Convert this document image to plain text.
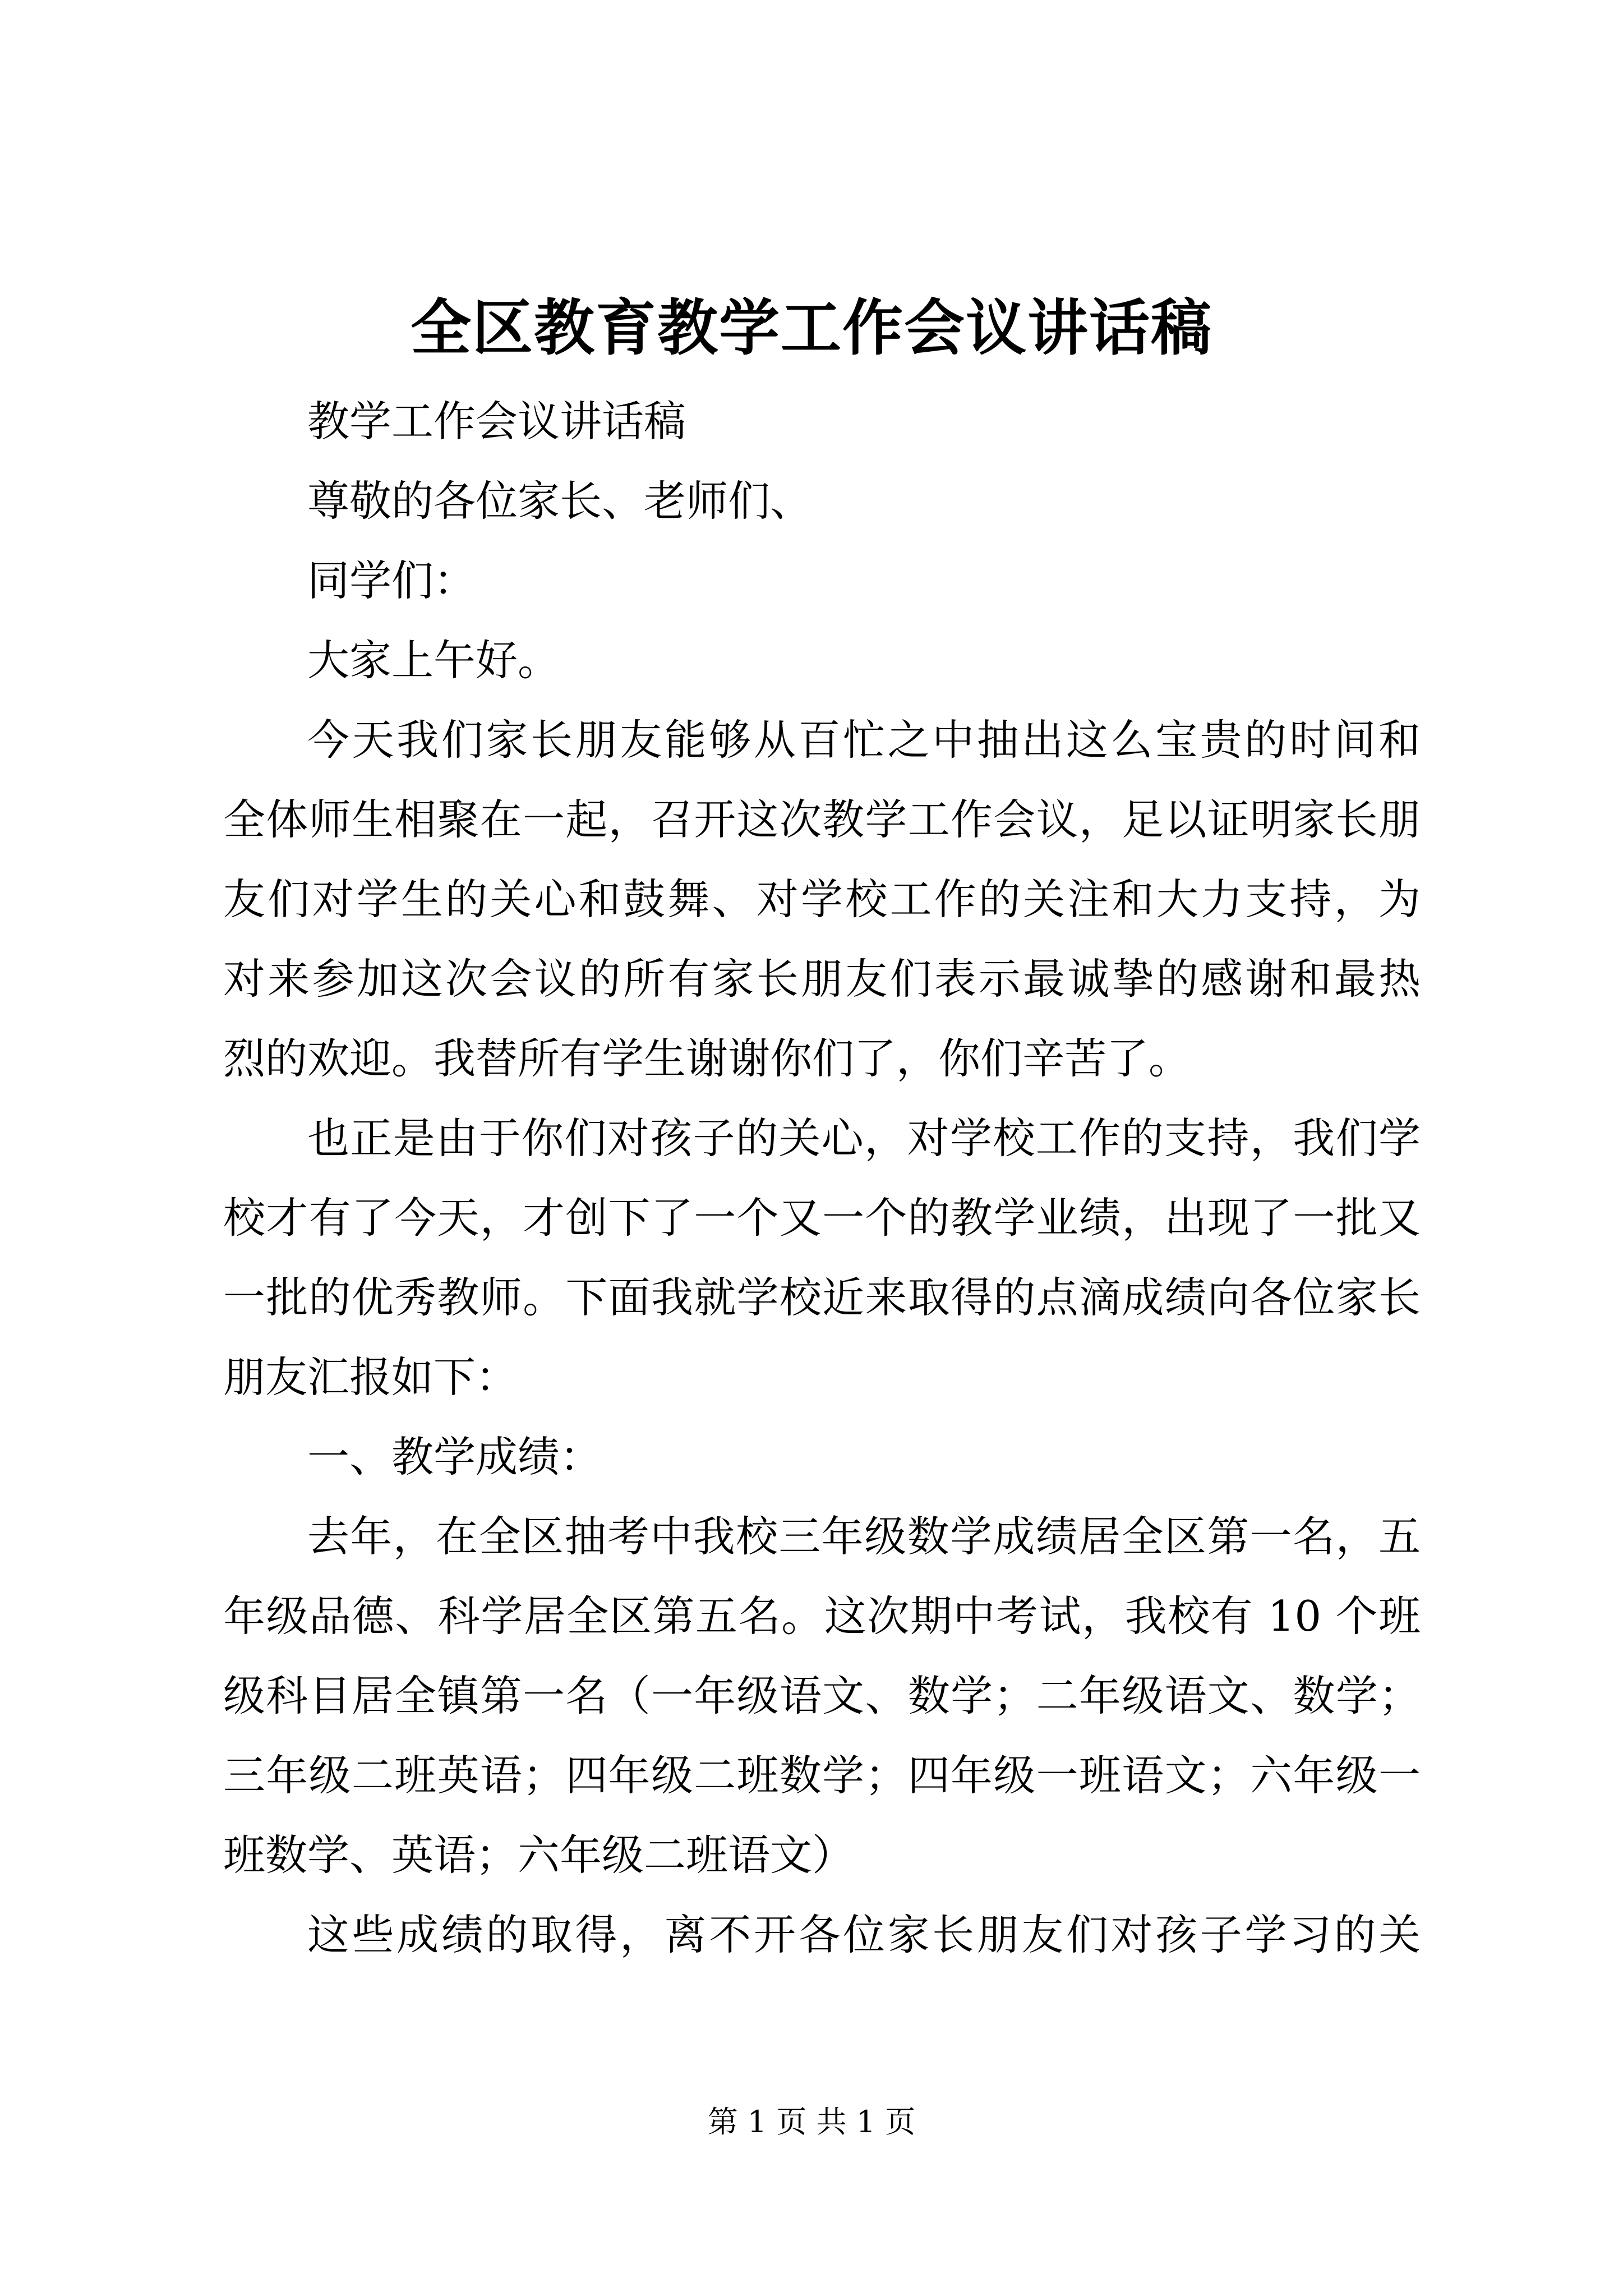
全区教育教学工作会议讲话稿
教学工作会议讲话稿
尊敬的各位家长、老师们、
同学们：
大家上午好。
今天我们家长朋友能够从百忙之中抽出这么宝贵的时间和
全体师生相聚在一起，召开这次教学工作会议，足以证明家长朋
友们对学生的关心和鼓舞、对学校工作的关注和大力支持，为
对来参加这次会议的所有家长朋友们表示最诚挚的感谢和最热
烈的欢迎。我替所有学生谢谢你们了，你们辛苦了。
也正是由于你们对孩子的关心，对学校工作的支持，我们学
校才有了今天，才创下了一个又一个的教学业绩，出现了一批又
一批的优秀教师。下面我就学校近来取得的点滴成绩向各位家长
朋友汇报如下：
一、教学成绩：
去年，在全区抽考中我校三年级数学成绩居全区第一名，五
年级品德、科学居全区第五名。这次期中考试，我校有 10 个班
级科目居全镇第一名（一年级语文、数学；二年级语文、数学；
三年级二班英语；四年级二班数学；四年级一班语文；六年级一
班数学、英语；六年级二班语文）
这些成绩的取得，离不开各位家长朋友们对孩子学习的关
第 1 页 共 1 页
